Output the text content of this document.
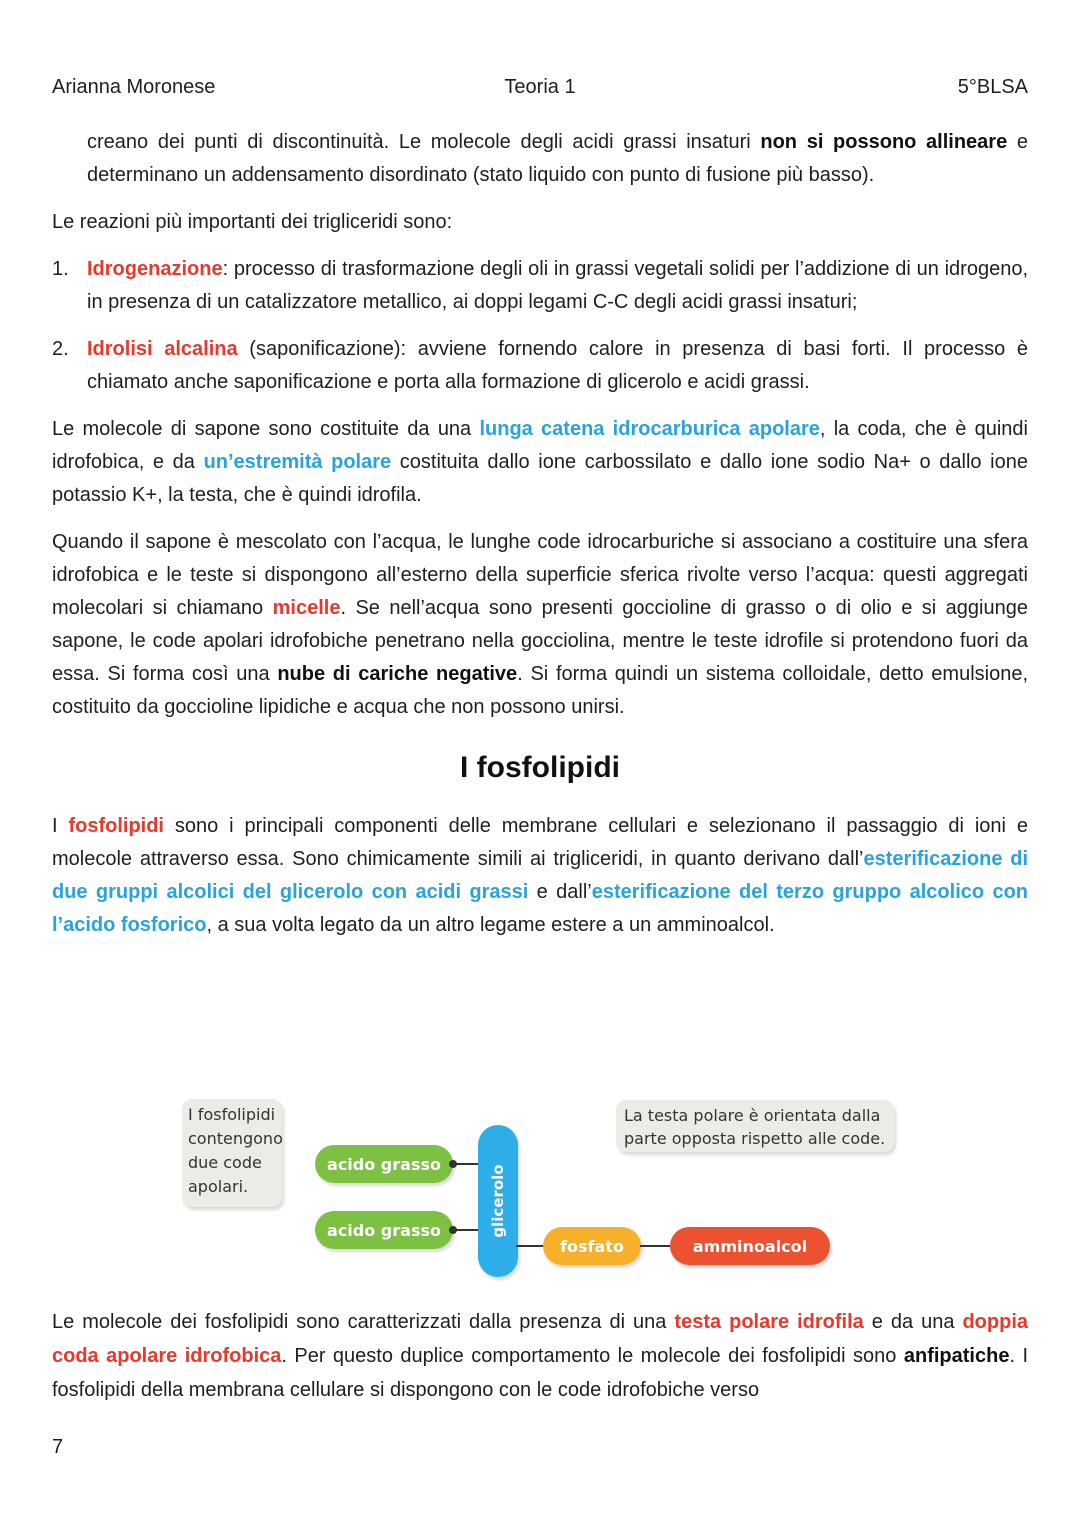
Arianna Moronese	Teoria 1	5°BLSA

creano dei punti di discontinuità. Le molecole degli acidi grassi insaturi non si possono allineare e determinano un addensamento disordinato (stato liquido con punto di fusione più basso).

Le reazioni più importanti dei trigliceridi sono:

1. Idrogenazione: processo di trasformazione degli oli in grassi vegetali solidi per l’addizione di un idrogeno, in presenza di un catalizzatore metallico, ai doppi legami C-C degli acidi grassi insaturi;

2. Idrolisi alcalina (saponificazione): avviene fornendo calore in presenza di basi forti. Il processo è chiamato anche saponificazione e porta alla formazione di glicerolo e acidi grassi.

Le molecole di sapone sono costituite da una lunga catena idrocarburica apolare, la coda, che è quindi idrofobica, e da un’estremità polare costituita dallo ione carbossilato e dallo ione sodio Na+ o dallo ione potassio K+, la testa, che è quindi idrofila.

Quando il sapone è mescolato con l’acqua, le lunghe code idrocarburiche si associano a costituire una sfera idrofobica e le teste si dispongono all’esterno della superficie sferica rivolte verso l’acqua: questi aggregati molecolari si chiamano micelle. Se nell’acqua sono presenti goccioline di grasso o di olio e si aggiunge sapone, le code apolari idrofobiche penetrano nella gocciolina, mentre le teste idrofile si protendono fuori da essa. Si forma così una nube di cariche negative. Si forma quindi un sistema colloidale, detto emulsione, costituito da goccioline lipidiche e acqua che non possono unirsi.

I fosfolipidi

I fosfolipidi sono i principali componenti delle membrane cellulari e selezionano il passaggio di ioni e molecole attraverso essa. Sono chimicamente simili ai trigliceridi, in quanto derivano dall’esterificazione di due gruppi alcolici del glicerolo con acidi grassi e dall’esterificazione del terzo gruppo alcolico con l’acido fosforico, a sua volta legato da un altro legame estere a un amminoalcol.

I fosfolipidi contengono due code apolari.
La testa polare è orientata dalla parte opposta rispetto alle code.
acido grasso
acido grasso	glicerolo
fosfato	amminoalcol

Le molecole dei fosfolipidi sono caratterizzati dalla presenza di una testa polare idrofila e da una doppia coda apolare idrofobica. Per questo duplice comportamento le molecole dei fosfolipidi sono anfipatiche. I fosfolipidi della membrana cellulare si dispongono con le code idrofobiche verso

7
